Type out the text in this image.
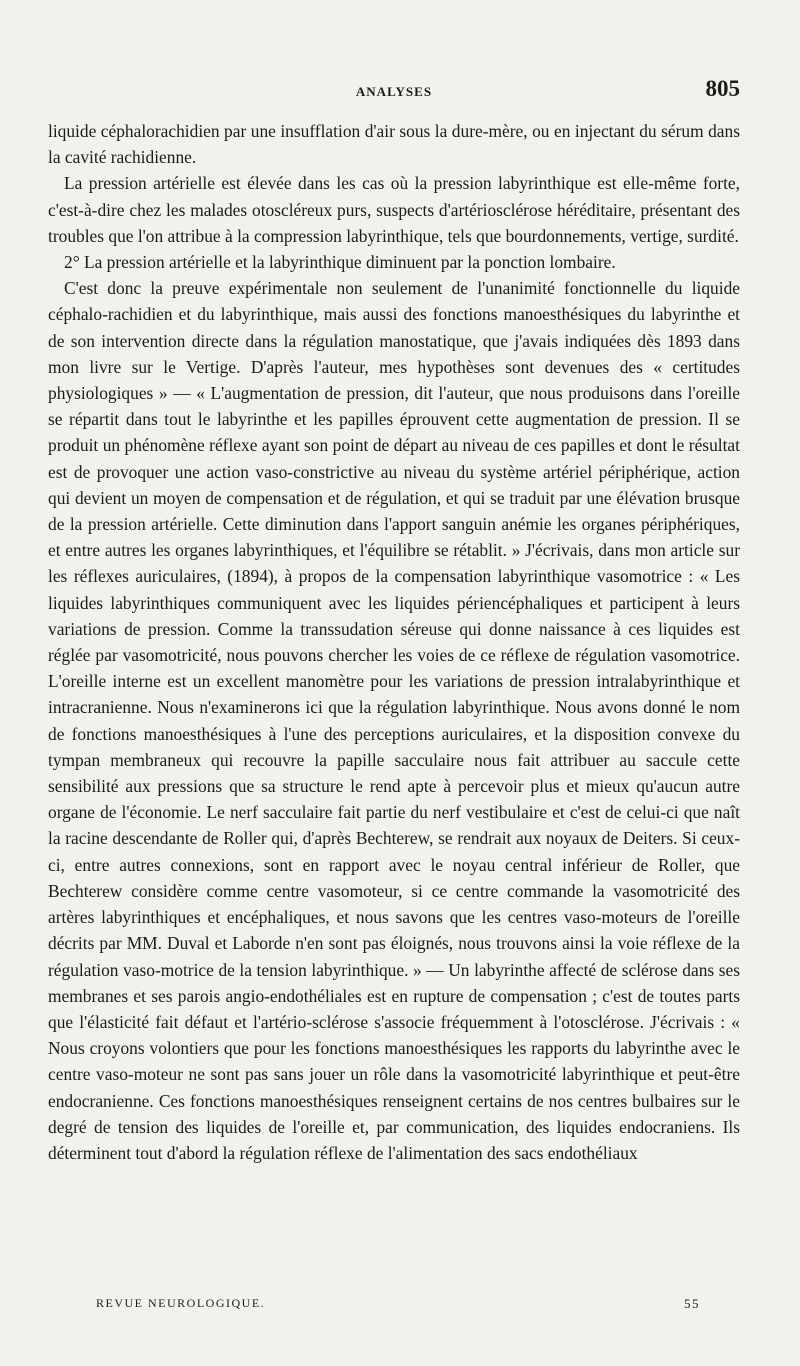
ANALYSES	805

liquide céphalorachidien par une insufflation d'air sous la dure-mère, ou en injectant du sérum dans la cavité rachidienne.

La pression artérielle est élevée dans les cas où la pression labyrinthique est elle-même forte, c'est-à-dire chez les malades otoscléreux purs, suspects d'artériosclérose héréditaire, présentant des troubles que l'on attribue à la compression labyrinthique, tels que bourdonnements, vertige, surdité.

2° La pression artérielle et la labyrinthique diminuent par la ponction lombaire.

C'est donc la preuve expérimentale non seulement de l'unanimité fonctionnelle du liquide céphalo-rachidien et du labyrinthique, mais aussi des fonctions manoesthésiques du labyrinthe et de son intervention directe dans la régulation manostatique, que j'avais indiquées dès 1893 dans mon livre sur le Vertige. D'après l'auteur, mes hypothèses sont devenues des « certitudes physiologiques » — « L'augmentation de pression, dit l'auteur, que nous produisons dans l'oreille se répartit dans tout le labyrinthe et les papilles éprouvent cette augmentation de pression. Il se produit un phénomène réflexe ayant son point de départ au niveau de ces papilles et dont le résultat est de provoquer une action vaso-constrictive au niveau du système artériel périphérique, action qui devient un moyen de compensation et de régulation, et qui se traduit par une élévation brusque de la pression artérielle. Cette diminution dans l'apport sanguin anémie les organes périphériques, et entre autres les organes labyrinthiques, et l'équilibre se rétablit. » J'écrivais, dans mon article sur les réflexes auriculaires, (1894), à propos de la compensation labyrinthique vasomotrice : « Les liquides labyrinthiques communiquent avec les liquides périencéphaliques et participent à leurs variations de pression. Comme la transsudation séreuse qui donne naissance à ces liquides est réglée par vasomotricité, nous pouvons chercher les voies de ce réflexe de régulation vasomotrice. L'oreille interne est un excellent manomètre pour les variations de pression intralabyrinthique et intracranienne. Nous n'examinerons ici que la régulation labyrinthique. Nous avons donné le nom de fonctions manoesthésiques à l'une des perceptions auriculaires, et la disposition convexe du tympan membraneux qui recouvre la papille sacculaire nous fait attribuer au saccule cette sensibilité aux pressions que sa structure le rend apte à percevoir plus et mieux qu'aucun autre organe de l'économie. Le nerf sacculaire fait partie du nerf vestibulaire et c'est de celui-ci que naît la racine descendante de Roller qui, d'après Bechterew, se rendrait aux noyaux de Deiters. Si ceux-ci, entre autres connexions, sont en rapport avec le noyau central inférieur de Roller, que Bechterew considère comme centre vasomoteur, si ce centre commande la vasomotricité des artères labyrinthiques et encéphaliques, et nous savons que les centres vaso-moteurs de l'oreille décrits par MM. Duval et Laborde n'en sont pas éloignés, nous trouvons ainsi la voie réflexe de la régulation vaso-motrice de la tension labyrinthique. » — Un labyrinthe affecté de sclérose dans ses membranes et ses parois angio-endothéliales est en rupture de compensation ; c'est de toutes parts que l'élasticité fait défaut et l'artério-sclérose s'associe fréquemment à l'otosclérose. J'écrivais : « Nous croyons volontiers que pour les fonctions manoesthésiques les rapports du labyrinthe avec le centre vaso-moteur ne sont pas sans jouer un rôle dans la vasomotricité labyrinthique et peut-être endocranienne. Ces fonctions manoesthésiques renseignent certains de nos centres bulbaires sur le degré de tension des liquides de l'oreille et, par communication, des liquides endocraniens. Ils déterminent tout d'abord la régulation réflexe de l'alimentation des sacs endothéliaux

REVUE NEUROLOGIQUE.	55
